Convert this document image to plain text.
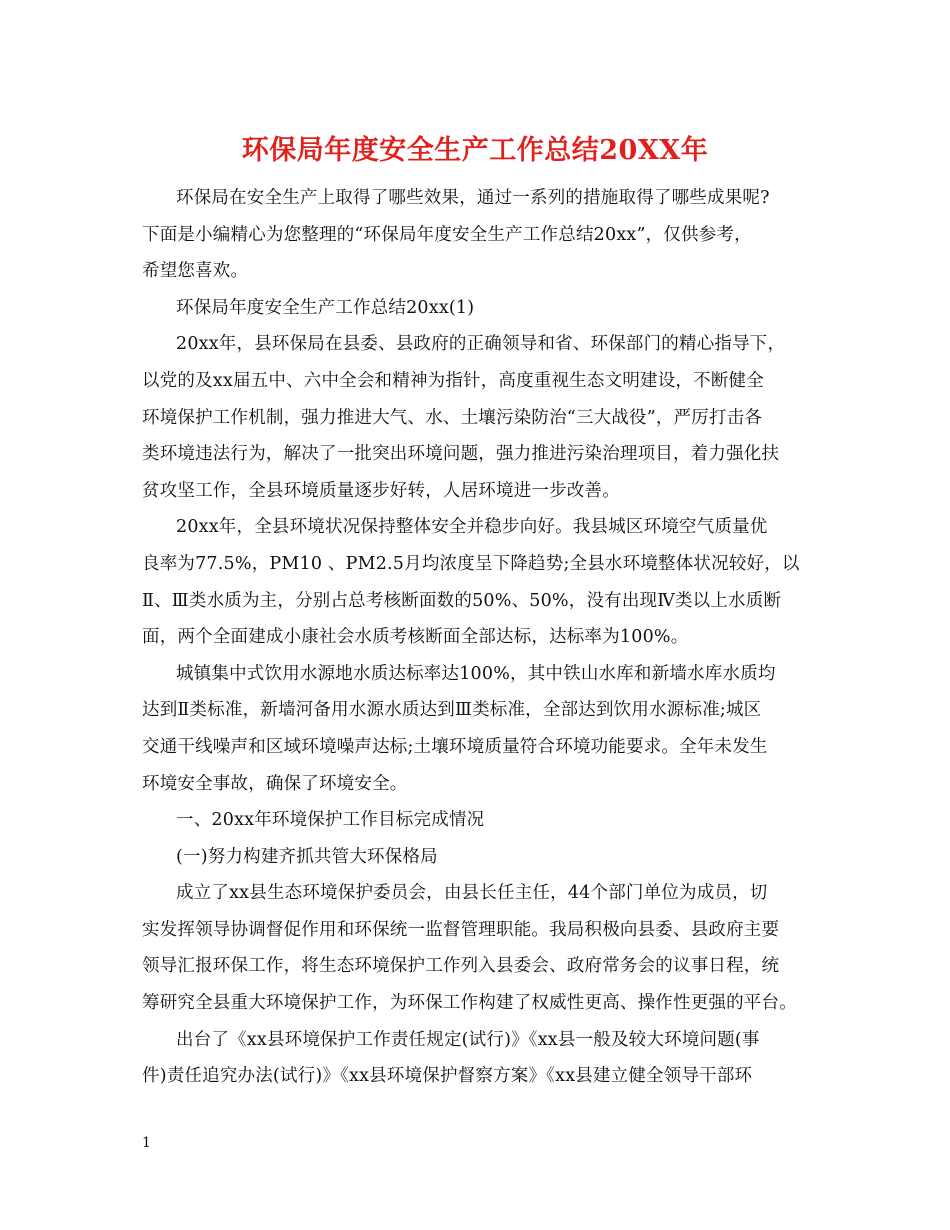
环保局年度安全生产工作总结20XX年

环保局在安全生产上取得了哪些效果，通过一系列的措施取得了哪些成果呢?
下面是小编精心为您整理的“环保局年度安全生产工作总结20xx”，仅供参考，
希望您喜欢。

环保局年度安全生产工作总结20xx(1)

20xx年，县环保局在县委、县政府的正确领导和省、环保部门的精心指导下，
以党的及xx届五中、六中全会和精神为指针，高度重视生态文明建设，不断健全
环境保护工作机制，强力推进大气、水、土壤污染防治“三大战役”，严厉打击各
类环境违法行为，解决了一批突出环境问题，强力推进污染治理项目，着力强化扶
贫攻坚工作，全县环境质量逐步好转，人居环境进一步改善。

20xx年，全县环境状况保持整体安全并稳步向好。我县城区环境空气质量优
良率为77.5%，PM10 、PM2.5月均浓度呈下降趋势;全县水环境整体状况较好，以
Ⅱ、Ⅲ类水质为主，分别占总考核断面数的50%、50%，没有出现Ⅳ类以上水质断
面，两个全面建成小康社会水质考核断面全部达标，达标率为100%。

城镇集中式饮用水源地水质达标率达100%，其中铁山水库和新墙水库水质均
达到Ⅱ类标准，新墙河备用水源水质达到Ⅲ类标准，全部达到饮用水源标准;城区
交通干线噪声和区域环境噪声达标;土壤环境质量符合环境功能要求。全年未发生
环境安全事故，确保了环境安全。

一、20xx年环境保护工作目标完成情况

(一)努力构建齐抓共管大环保格局

成立了xx县生态环境保护委员会，由县长任主任，44个部门单位为成员，切
实发挥领导协调督促作用和环保统一监督管理职能。我局积极向县委、县政府主要
领导汇报环保工作，将生态环境保护工作列入县委会、政府常务会的议事日程，统
筹研究全县重大环境保护工作，为环保工作构建了权威性更高、操作性更强的平台。

出台了《xx县环境保护工作责任规定(试行)》《xx县一般及较大环境问题(事
件)责任追究办法(试行)》《xx县环境保护督察方案》《xx县建立健全领导干部环

1
